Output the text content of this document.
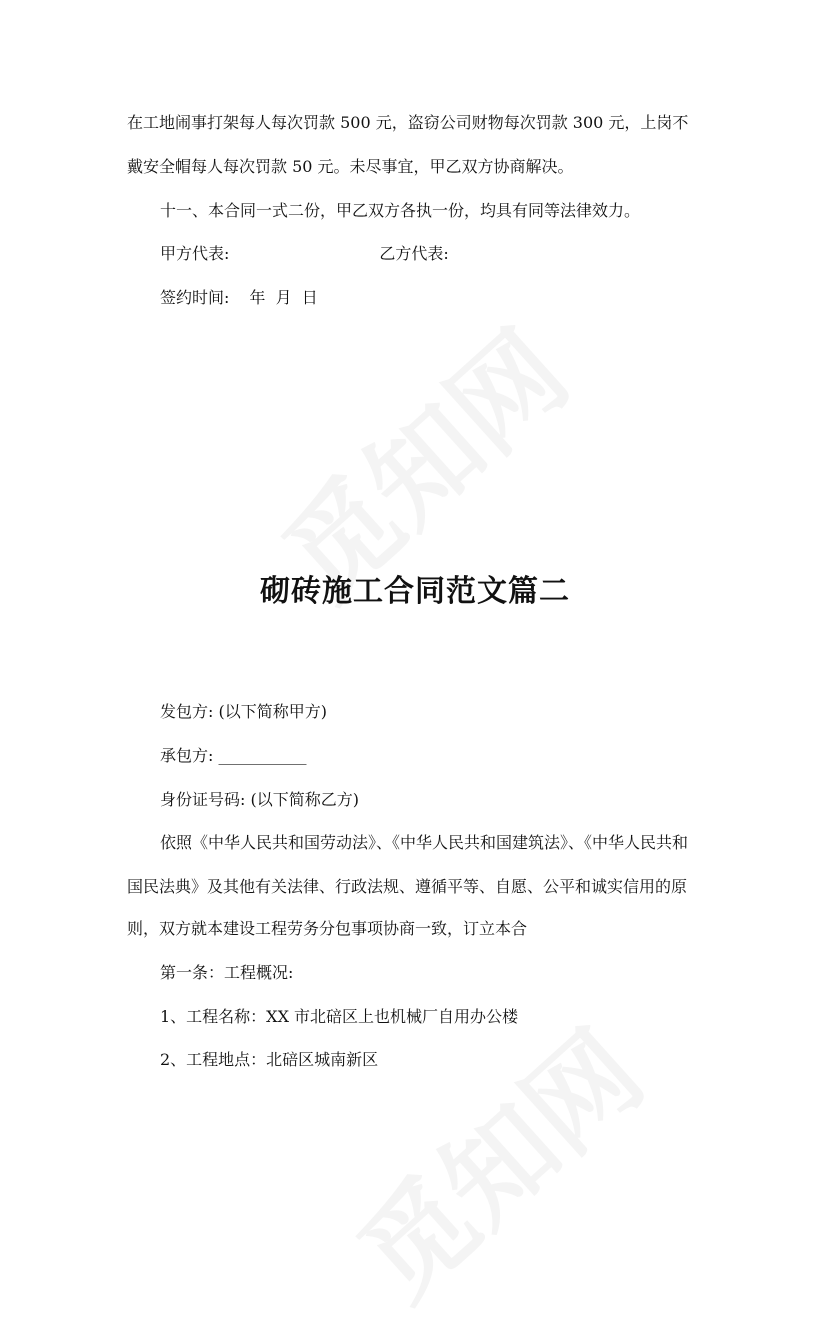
在工地闹事打架每人每次罚款 500 元，盗窃公司财物每次罚款 300 元，上岗不
戴安全帽每人每次罚款 50 元。未尽事宜，甲乙双方协商解决。
十一、本合同一式二份，甲乙双方各执一份，均具有同等法律效力。
甲方代表:	乙方代表:
签约时间: 年 月 日
砌砖施工合同范文篇二
发包方: (以下简称甲方)
承包方: ___________
身份证号码: (以下简称乙方)
依照《中华人民共和国劳动法》、《中华人民共和国建筑法》、《中华人民共和
国民法典》及其他有关法律、行政法规、遵循平等、自愿、公平和诚实信用的原
则，双方就本建设工程劳务分包事项协商一致，订立本合
第一条：工程概况:
1、工程名称：XX 市北碚区上也机械厂自用办公楼
2、工程地点：北碚区城南新区
